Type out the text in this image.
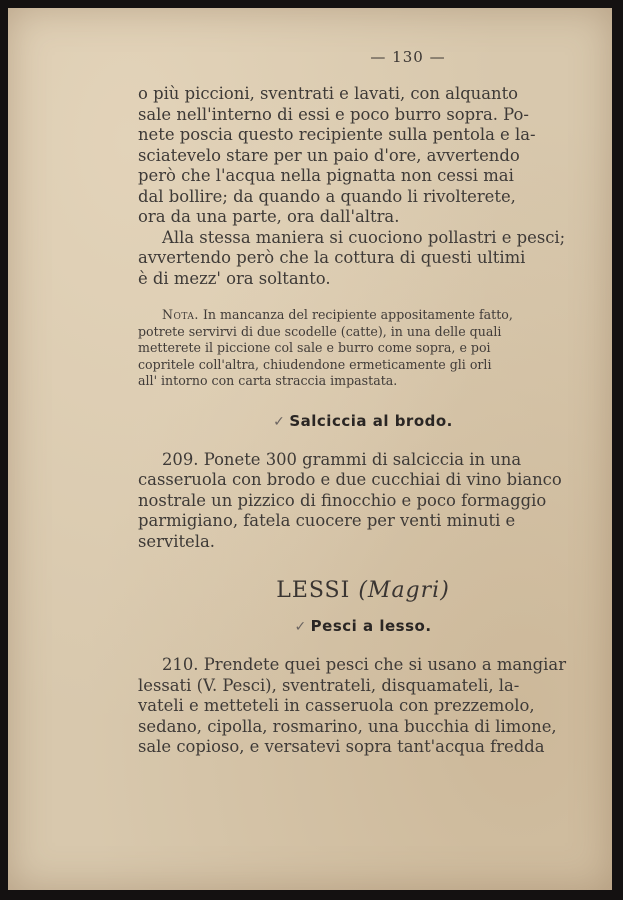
— 130 —
o più piccioni, sventrati e lavati, con alquanto
sale nell'interno di essi e poco burro sopra. Po-
nete poscia questo recipiente sulla pentola e la-
sciatevelo stare per un paio d'ore, avvertendo
però che l'acqua nella pignatta non cessi mai
dal bollire; da quando a quando li rivolterete,
ora da una parte, ora dall'altra.
Alla stessa maniera si cuociono pollastri e pesci;
avvertendo però che la cottura di questi ultimi
è di mezz' ora soltanto.
Nota. In mancanza del recipiente appositamente fatto,
potrete servirvi di due scodelle (catte), in una delle quali
metterete il piccione col sale e burro come sopra, e poi
copritele coll'altra, chiudendone ermeticamente gli orli
all' intorno con carta straccia impastata.
✓ Salciccia al brodo.
209. Ponete 300 grammi di salciccia in una
casseruola con brodo e due cucchiai di vino bianco
nostrale un pizzico di finocchio e poco formaggio
parmigiano, fatela cuocere per venti minuti e
servitela.
LESSI (Magri)
✓ Pesci a lesso.
210. Prendete quei pesci che si usano a mangiar
lessati (V. Pesci), sventrateli, disquamateli, la-
vateli e metteteli in casseruola con prezzemolo,
sedano, cipolla, rosmarino, una bucchia di limone,
sale copioso, e versatevi sopra tant'acqua fredda
